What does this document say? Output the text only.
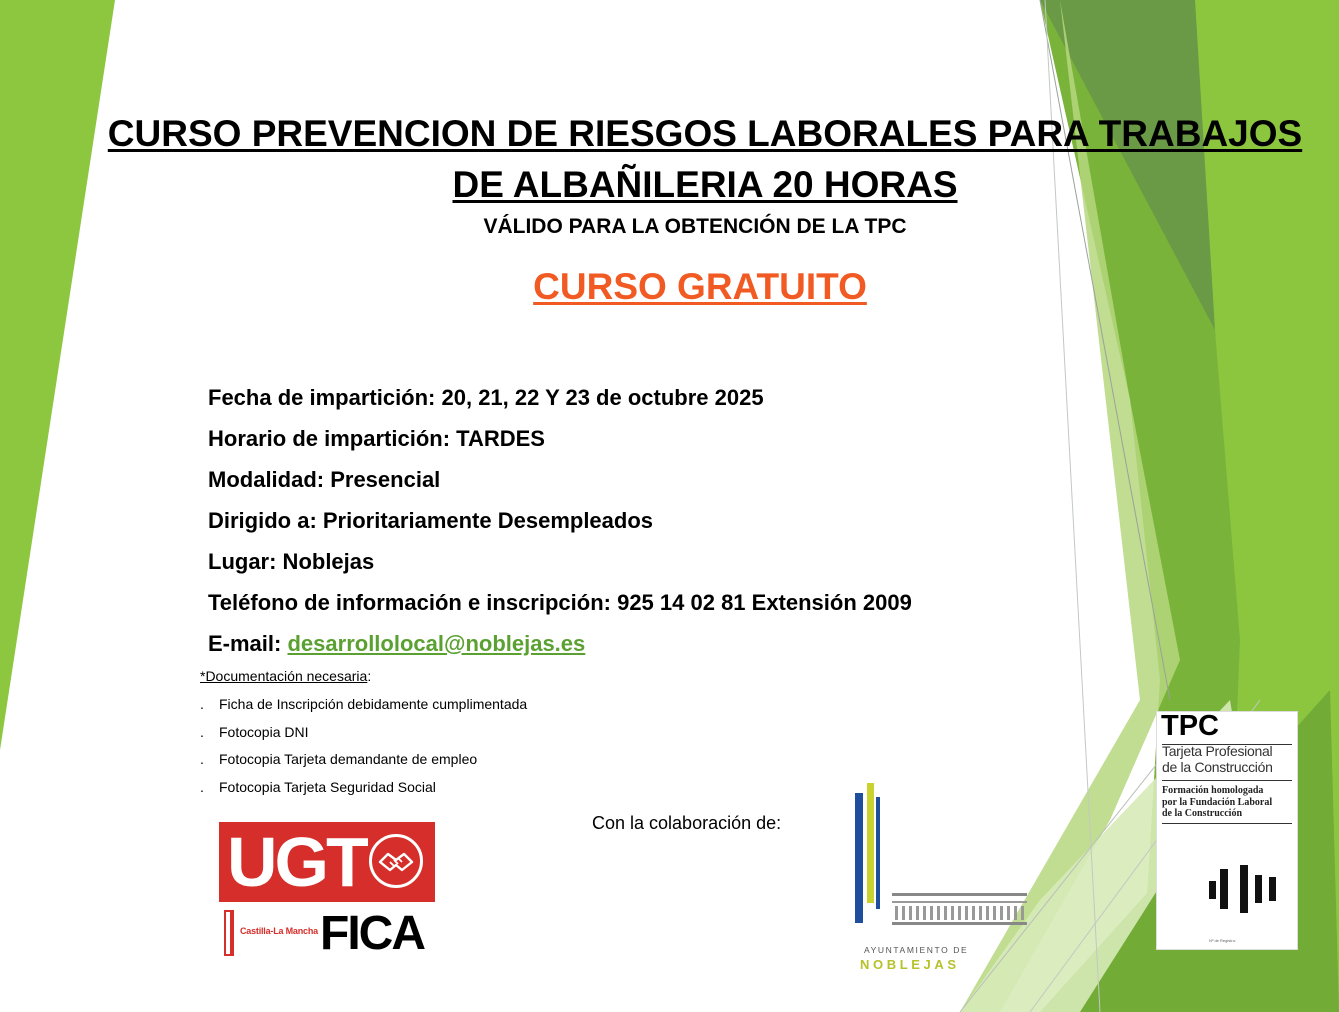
CURSO PREVENCION DE RIESGOS LABORALES PARA TRABAJOS
DE ALBAÑILERIA 20 HORAS
VÁLIDO PARA LA OBTENCIÓN DE LA TPC
CURSO GRATUITO
Fecha de impartición: 20, 21, 22 Y 23 de octubre 2025
Horario de impartición: TARDES
Modalidad: Presencial
Dirigido a: Prioritariamente Desempleados
Lugar: Noblejas
Teléfono de información e inscripción: 925 14 02 81 Extensión 2009
E-mail: desarrollolocal@noblejas.es
*Documentación necesaria:
. Ficha de Inscripción debidamente cumplimentada
. Fotocopia DNI
. Fotocopia Tarjeta demandante de empleo
. Fotocopia Tarjeta Seguridad Social
Con la colaboración de:
UGT
Castilla-La Mancha FICA	AYUNTAMIENTO DE
NOBLEJAS
TPC
Tarjeta Profesional
de la Construcción
Formación homologada
por la Fundación Laboral
de la Construcción
Nº de Registro:
